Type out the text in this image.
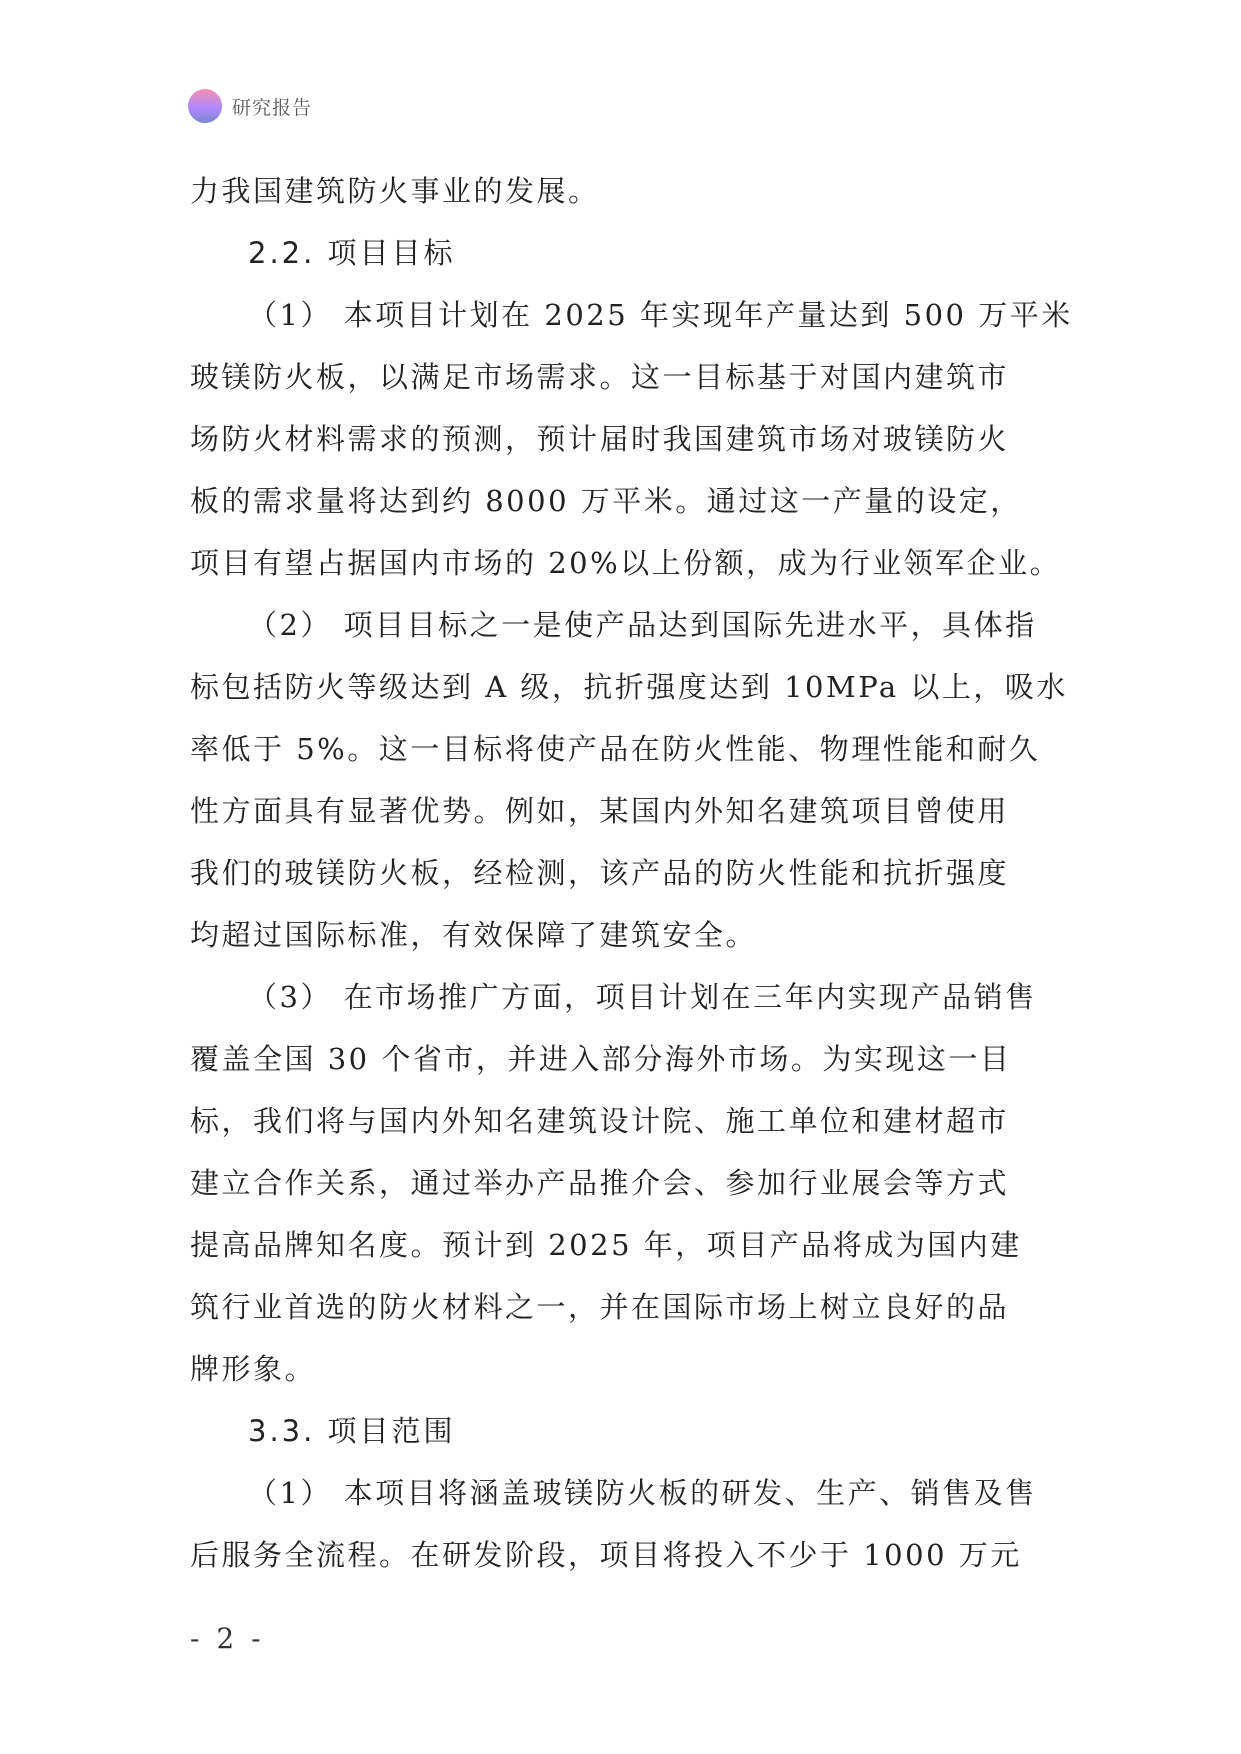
研究报告
力我国建筑防火事业的发展。
2.2. 项目目标
（1） 本项目计划在 2025 年实现年产量达到 500 万平米
玻镁防火板，以满足市场需求。这一目标基于对国内建筑市
场防火材料需求的预测，预计届时我国建筑市场对玻镁防火
板的需求量将达到约 8000 万平米。通过这一产量的设定，
项目有望占据国内市场的 20%以上份额，成为行业领军企业。
（2） 项目目标之一是使产品达到国际先进水平，具体指
标包括防火等级达到 A 级，抗折强度达到 10MPa 以上，吸水
率低于 5%。这一目标将使产品在防火性能、物理性能和耐久
性方面具有显著优势。例如，某国内外知名建筑项目曾使用
我们的玻镁防火板，经检测，该产品的防火性能和抗折强度
均超过国际标准，有效保障了建筑安全。
（3） 在市场推广方面，项目计划在三年内实现产品销售
覆盖全国 30 个省市，并进入部分海外市场。为实现这一目
标，我们将与国内外知名建筑设计院、施工单位和建材超市
建立合作关系，通过举办产品推介会、参加行业展会等方式
提高品牌知名度。预计到 2025 年，项目产品将成为国内建
筑行业首选的防火材料之一，并在国际市场上树立良好的品
牌形象。
3.3. 项目范围
（1） 本项目将涵盖玻镁防火板的研发、生产、销售及售
后服务全流程。在研发阶段，项目将投入不少于 1000 万元
- 2 -
